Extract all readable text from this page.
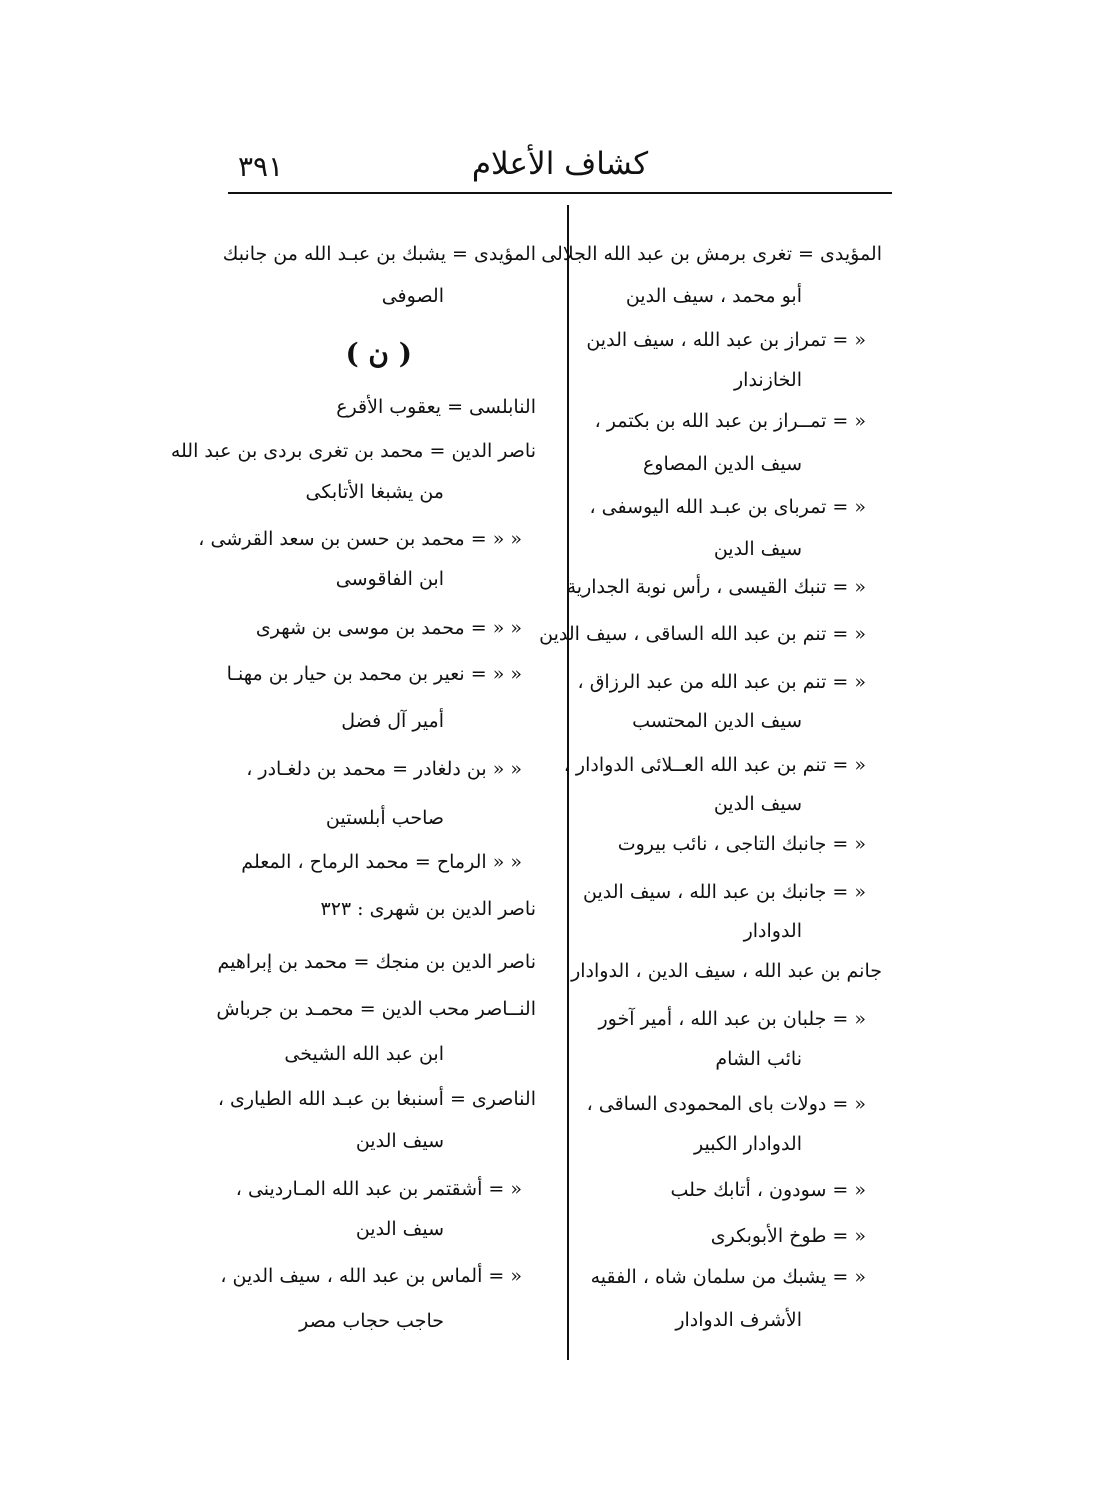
كشاف الأعلام
٣٩١
المؤيدى = تغرى برمش بن عبد الله الجلالى
أبو محمد ، سيف الدين
« = تمراز بن عبد الله ، سيف الدين
الخازندار
« = تمــراز بن عبد الله بن بكتمر ،
سيف الدين المصاوع
« = تمرباى بن عبـد الله اليوسفى ،
سيف الدين
« = تنبك القيسى ، رأس نوبة الجدارية
« = تنم بن عبد الله الساقى ، سيف الدين
« = تنم بن عبد الله من عبد الرزاق ،
سيف الدين المحتسب
« = تنم بن عبد الله العــلائى الدوادار ،
سيف الدين
« = جانبك التاجى ، نائب بيروت
« = جانبك بن عبد الله ، سيف الدين
الدوادار
جانم بن عبد الله ، سيف الدين ، الدوادار
« = جلبان بن عبد الله ، أمير آخور
نائب الشام
« = دولات باى المحمودى الساقى ،
الدوادار الكبير
« = سودون ، أتابك حلب
« = طوخ الأبوبكرى
« = يشبك من سلمان شاه ، الفقيه
الأشرف الدوادار
المؤيدى = يشبك بن عبـد الله من جانبك
الصوفى
( ن )
النابلسى = يعقوب الأقرع
ناصر الدين = محمد بن تغرى بردى بن عبد الله
من يشبغا الأتابكى
« « = محمد بن حسن بن سعد القرشى ،
ابن الفاقوسى
« « = محمد بن موسى بن شهرى
« « = نعير بن محمد بن حيار بن مهنـا
أمير آل فضل
« « بن دلغادر = محمد بن دلغـادر ،
صاحب أبلستين
« « الرماح = محمد الرماح ، المعلم
ناصر الدين بن شهرى : ٣٢٣
ناصر الدين بن منجك = محمد بن إبراهيم
النــاصر محب الدين = محمـد بن جرباش
ابن عبد الله الشيخى
الناصرى = أسنبغا بن عبـد الله الطيارى ،
سيف الدين
« = أشقتمر بن عبد الله المـاردينى ،
سيف الدين
« = ألماس بن عبد الله ، سيف الدين ،
حاجب حجاب مصر
